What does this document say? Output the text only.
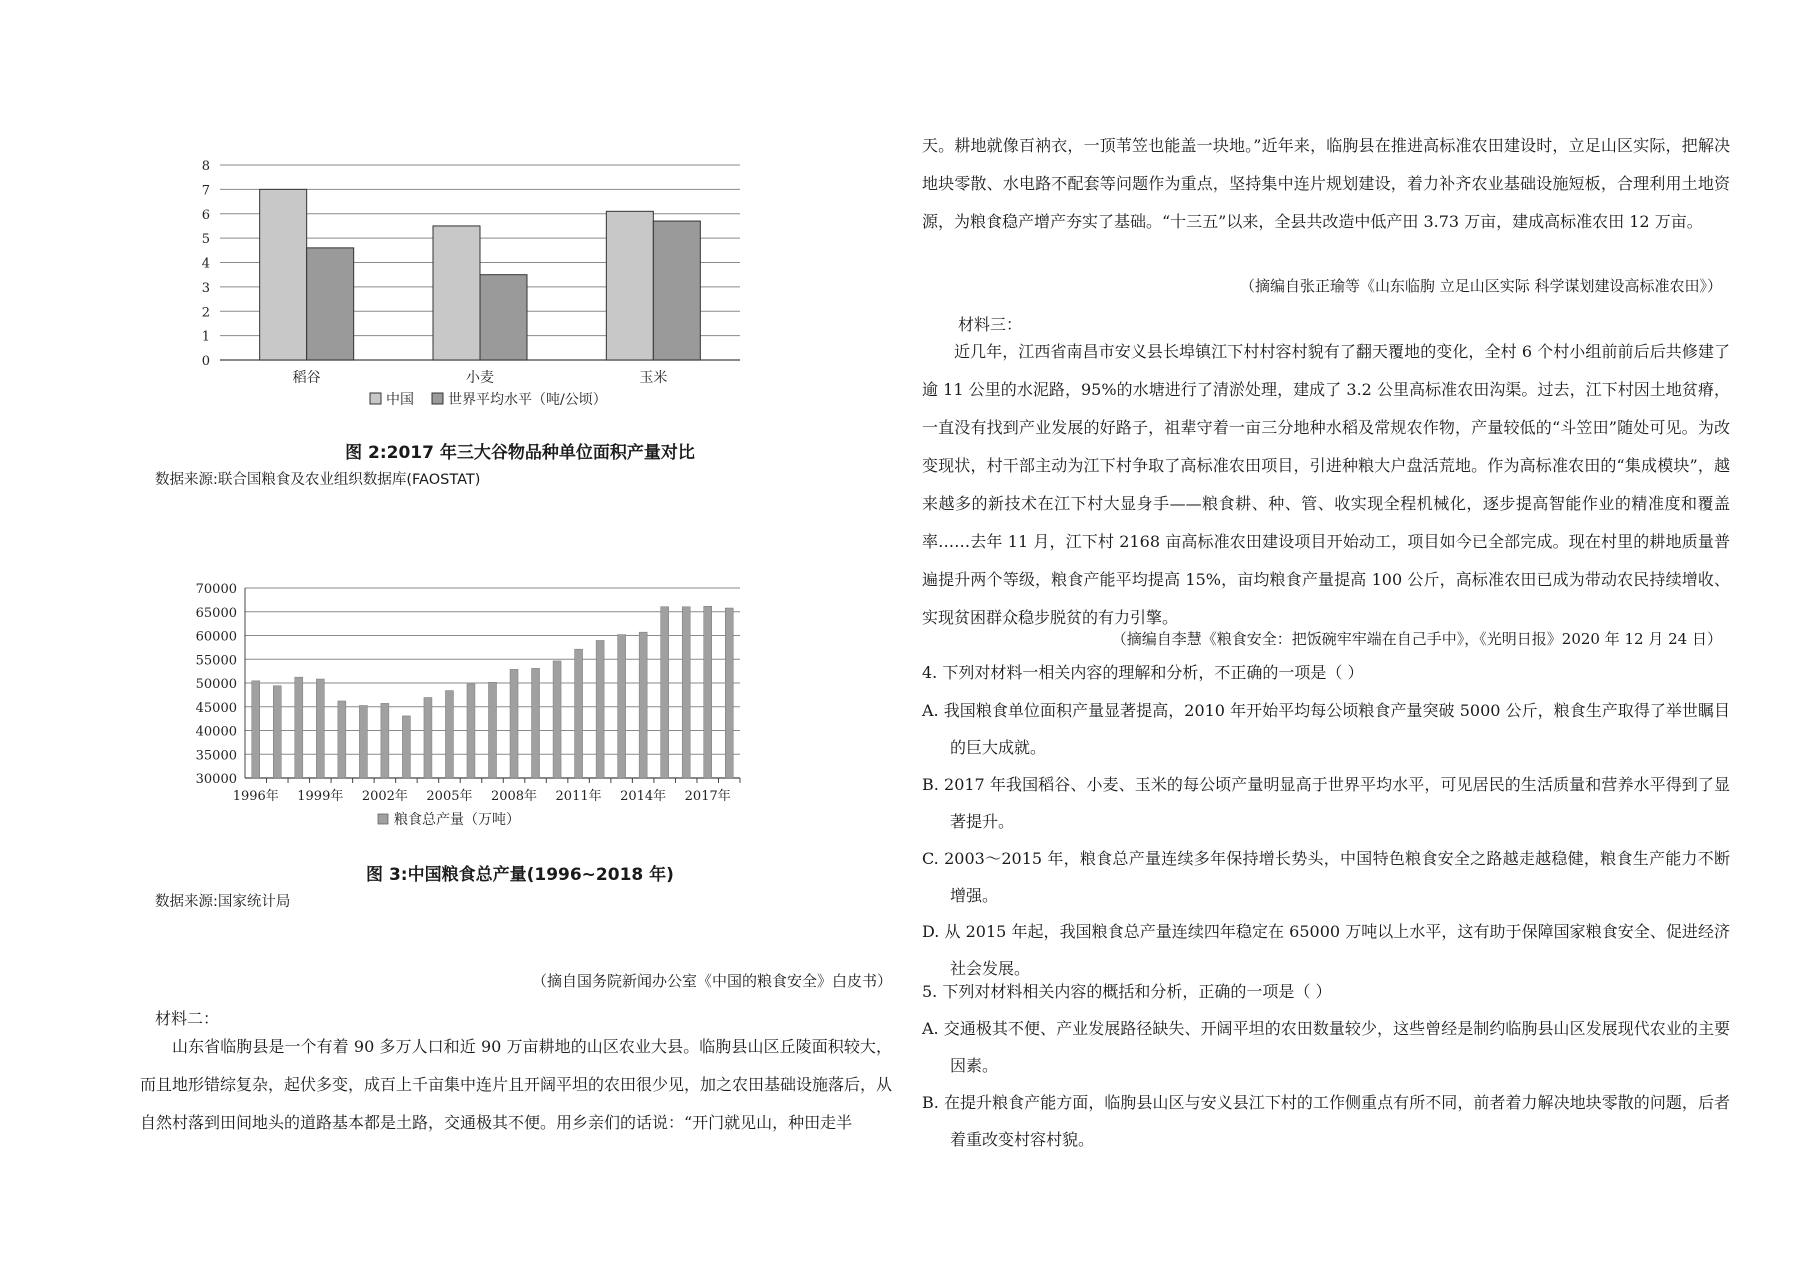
0
1
2
3
4
5
6
7
8
稻谷	小麦	玉米
中国 世界平均水平（吨/公顷）

图 2:2017 年三大谷物品种单位面积产量对比

数据来源:联合国粮食及农业组织数据库(FAOSTAT)

30000
35000
40000
45000
50000
55000
60000
65000
70000
1996年 1999年 2002年 2005年 2008年 2011年 2014年 2017年
粮食总产量（万吨）

图 3:中国粮食总产量(1996~2018 年)

数据来源:国家统计局

（摘自国务院新闻办公室《中国的粮食安全》白皮书）

材料二：

山东省临朐县是一个有着 90 多万人口和近 90 万亩耕地的山区农业大县。临朐县山区丘陵面积较大，而且地形错综复杂，起伏多变，成百上千亩集中连片且开阔平坦的农田很少见，加之农田基础设施落后，从自然村落到田间地头的道路基本都是土路，交通极其不便。用乡亲们的话说：“开门就见山，种田走半

天。耕地就像百衲衣，一顶苇笠也能盖一块地。”近年来，临朐县在推进高标准农田建设时，立足山区实际，把解决地块零散、水电路不配套等问题作为重点，坚持集中连片规划建设，着力补齐农业基础设施短板，合理利用土地资源，为粮食稳产增产夯实了基础。“十三五”以来，全县共改造中低产田 3.73 万亩，建成高标准农田 12 万亩。

（摘编自张正瑜等《山东临朐 立足山区实际 科学谋划建设高标准农田》）

材料三：

近几年，江西省南昌市安义县长埠镇江下村村容村貌有了翻天覆地的变化，全村 6 个村小组前前后后共修建了逾 11 公里的水泥路，95%的水塘进行了清淤处理，建成了 3.2 公里高标准农田沟渠。过去，江下村因土地贫瘠，一直没有找到产业发展的好路子，祖辈守着一亩三分地种水稻及常规农作物，产量较低的“斗笠田”随处可见。为改变现状，村干部主动为江下村争取了高标准农田项目，引进种粮大户盘活荒地。作为高标准农田的“集成模块”，越来越多的新技术在江下村大显身手——粮食耕、种、管、收实现全程机械化，逐步提高智能作业的精准度和覆盖率……去年 11 月，江下村 2168 亩高标准农田建设项目开始动工，项目如今已全部完成。现在村里的耕地质量普遍提升两个等级，粮食产能平均提高 15%，亩均粮食产量提高 100 公斤，高标准农田已成为带动农民持续增收、实现贫困群众稳步脱贫的有力引擎。

（摘编自李慧《粮食安全：把饭碗牢牢端在自己手中》，《光明日报》2020 年 12 月 24 日）

4. 下列对材料一相关内容的理解和分析，不正确的一项是（ ）

A. 我国粮食单位面积产量显著提高，2010 年开始平均每公顷粮食产量突破 5000 公斤，粮食生产取得了举世瞩目的巨大成就。

B. 2017 年我国稻谷、小麦、玉米的每公顷产量明显高于世界平均水平，可见居民的生活质量和营养水平得到了显著提升。

C. 2003～2015 年，粮食总产量连续多年保持增长势头，中国特色粮食安全之路越走越稳健，粮食生产能力不断增强。

D. 从 2015 年起，我国粮食总产量连续四年稳定在 65000 万吨以上水平，这有助于保障国家粮食安全、促进经济社会发展。

5. 下列对材料相关内容的概括和分析，正确的一项是（ ）

A. 交通极其不便、产业发展路径缺失、开阔平坦的农田数量较少，这些曾经是制约临朐县山区发展现代农业的主要因素。

B. 在提升粮食产能方面，临朐县山区与安义县江下村的工作侧重点有所不同，前者着力解决地块零散的问题，后者着重改变村容村貌。
